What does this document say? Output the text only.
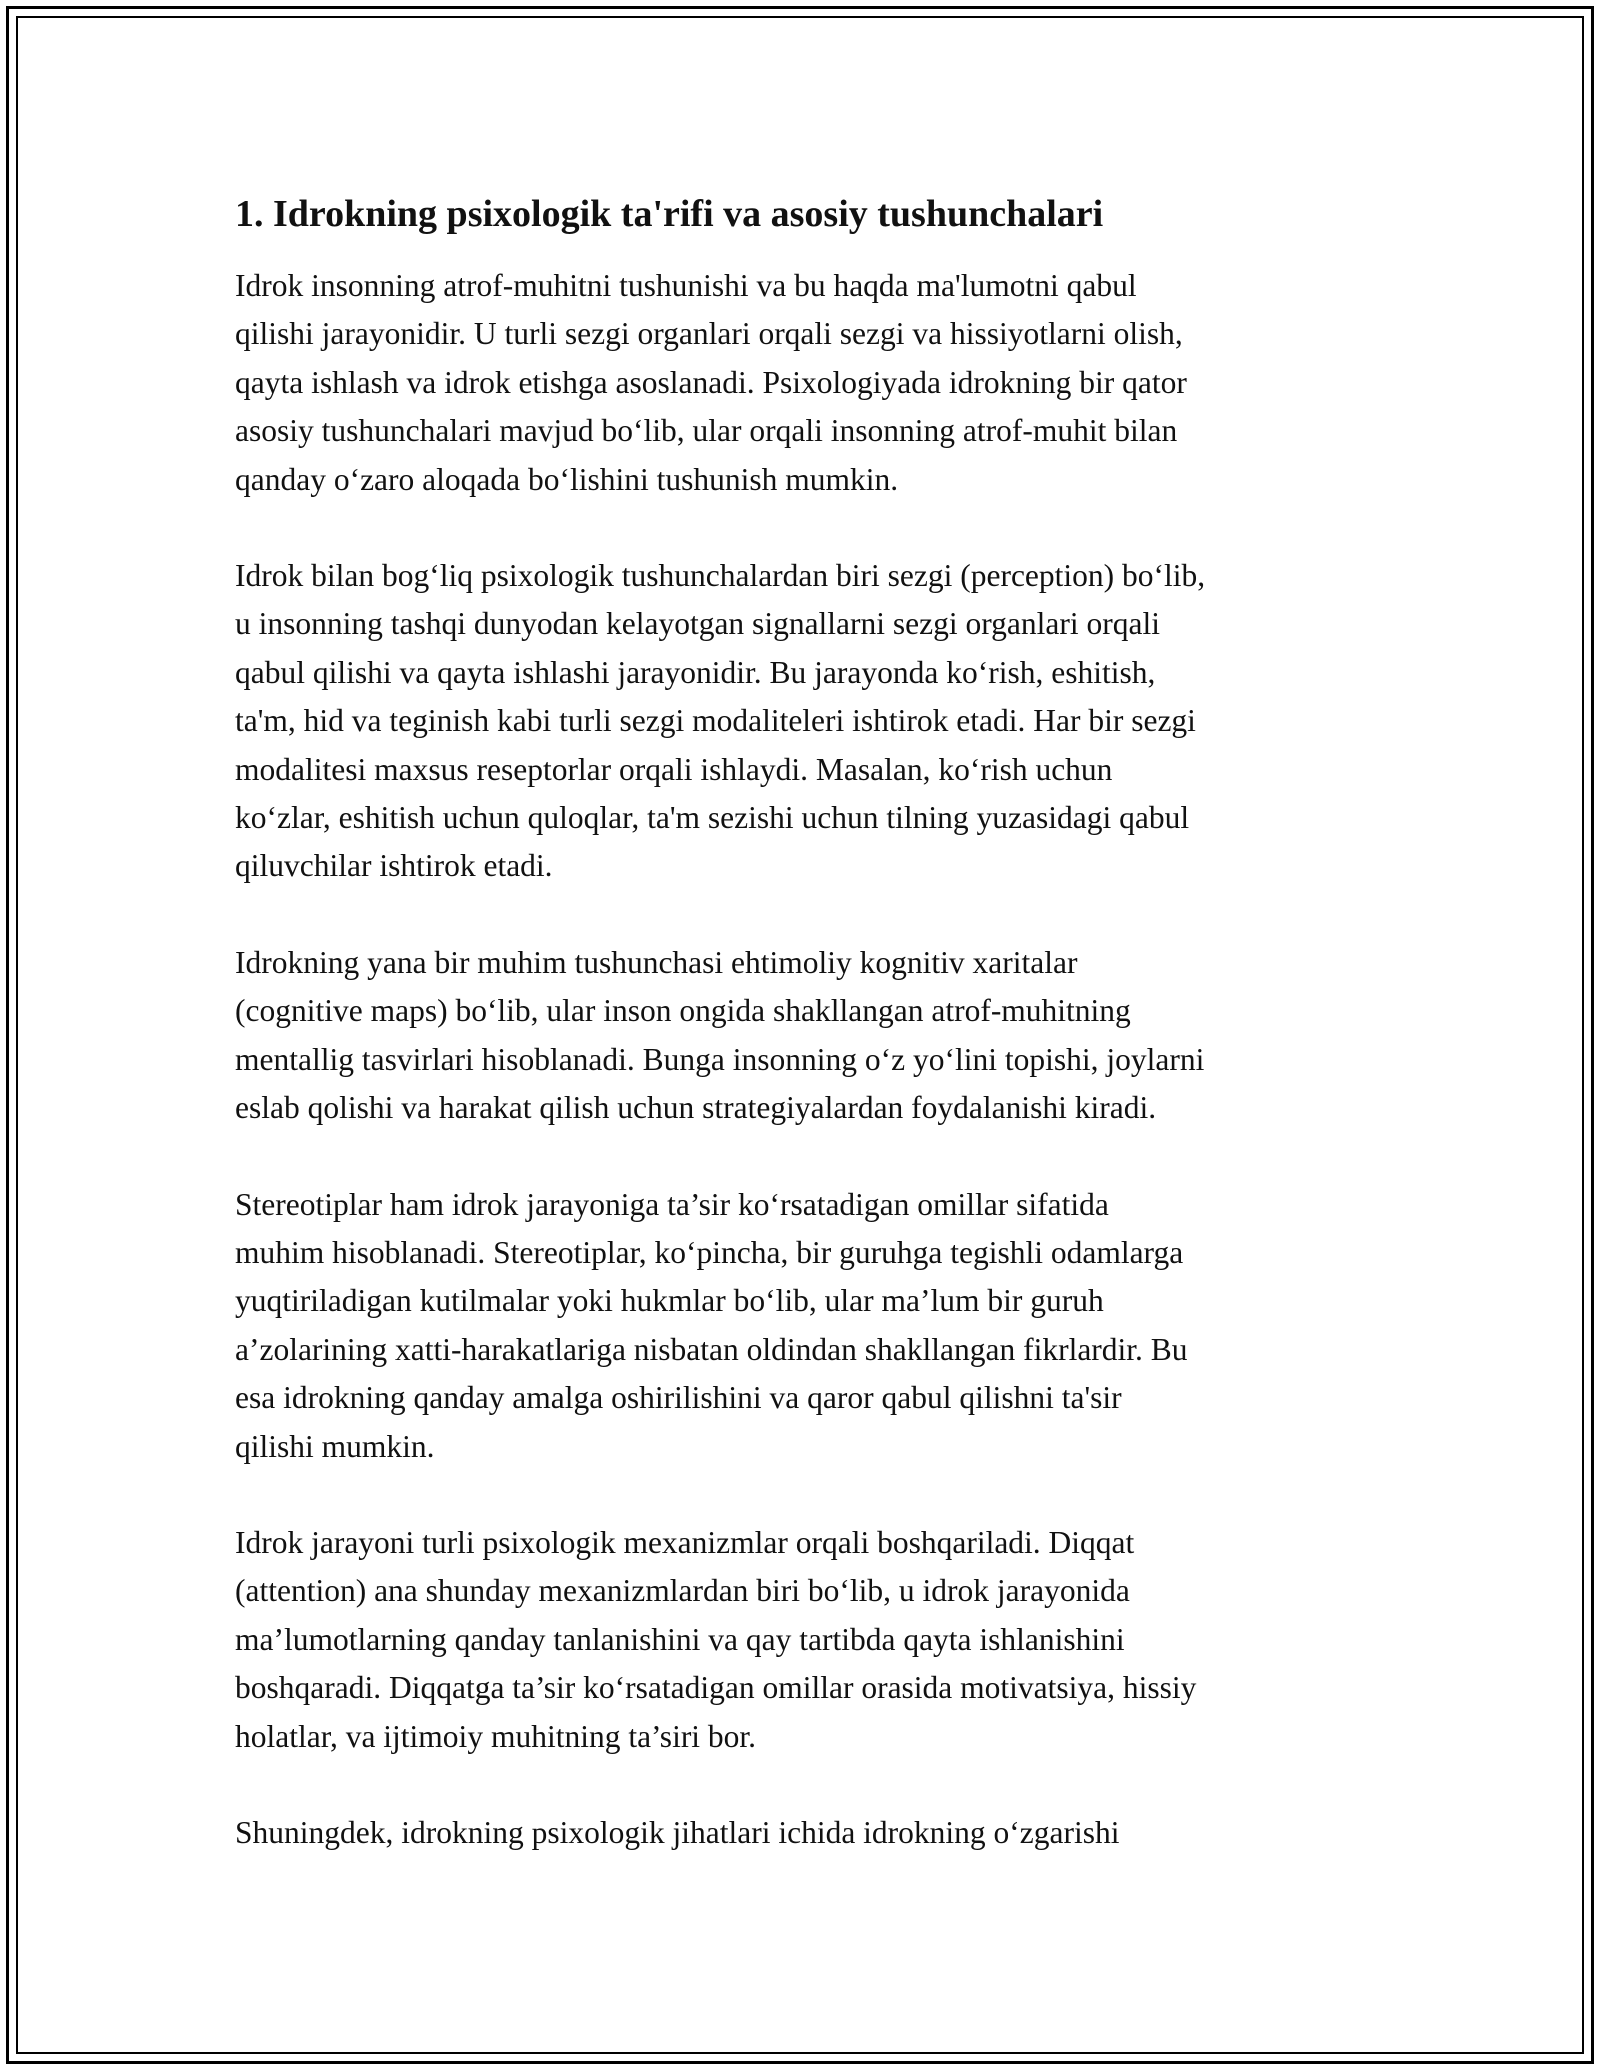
1. Idrokning psixologik ta'rifi va asosiy tushunchalari
Idrok insonning atrof-muhitni tushunishi va bu haqda ma'lumotni qabul
qilishi jarayonidir. U turli sezgi organlari orqali sezgi va hissiyotlarni olish,
qayta ishlash va idrok etishga asoslanadi. Psixologiyada idrokning bir qator
asosiy tushunchalari mavjud bo‘lib, ular orqali insonning atrof-muhit bilan
qanday o‘zaro aloqada bo‘lishini tushunish mumkin.
Idrok bilan bog‘liq psixologik tushunchalardan biri sezgi (perception) bo‘lib,
u insonning tashqi dunyodan kelayotgan signallarni sezgi organlari orqali
qabul qilishi va qayta ishlashi jarayonidir. Bu jarayonda ko‘rish, eshitish,
ta'm, hid va teginish kabi turli sezgi modaliteleri ishtirok etadi. Har bir sezgi
modalitesi maxsus reseptorlar orqali ishlaydi. Masalan, ko‘rish uchun
ko‘zlar, eshitish uchun quloqlar, ta'm sezishi uchun tilning yuzasidagi qabul
qiluvchilar ishtirok etadi.
Idrokning yana bir muhim tushunchasi ehtimoliy kognitiv xaritalar
(cognitive maps) bo‘lib, ular inson ongida shakllangan atrof-muhitning
mentallig tasvirlari hisoblanadi. Bunga insonning o‘z yo‘lini topishi, joylarni
eslab qolishi va harakat qilish uchun strategiyalardan foydalanishi kiradi.
Stereotiplar ham idrok jarayoniga ta’sir ko‘rsatadigan omillar sifatida
muhim hisoblanadi. Stereotiplar, ko‘pincha, bir guruhga tegishli odamlarga
yuqtiriladigan kutilmalar yoki hukmlar bo‘lib, ular ma’lum bir guruh
a’zolarining xatti-harakatlariga nisbatan oldindan shakllangan fikrlardir. Bu
esa idrokning qanday amalga oshirilishini va qaror qabul qilishni ta'sir
qilishi mumkin.
Idrok jarayoni turli psixologik mexanizmlar orqali boshqariladi. Diqqat
(attention) ana shunday mexanizmlardan biri bo‘lib, u idrok jarayonida
ma’lumotlarning qanday tanlanishini va qay tartibda qayta ishlanishini
boshqaradi. Diqqatga ta’sir ko‘rsatadigan omillar orasida motivatsiya, hissiy
holatlar, va ijtimoiy muhitning ta’siri bor.
Shuningdek, idrokning psixologik jihatlari ichida idrokning o‘zgarishi
